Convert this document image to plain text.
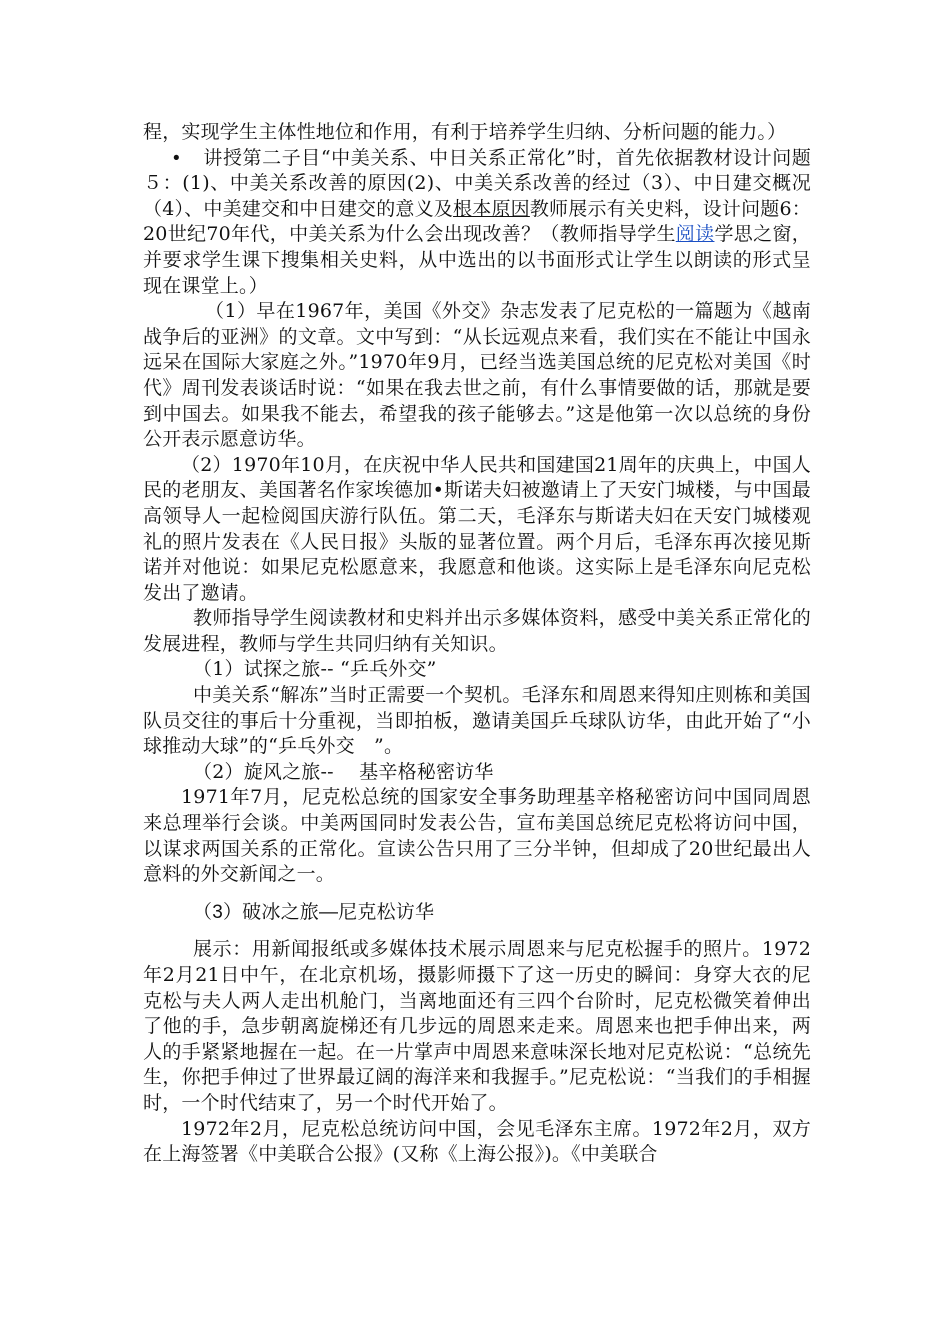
程，实现学生主体性地位和作用，有利于培养学生归纳、分析问题的能力。）

• 讲授第二子目“中美关系、中日关系正常化”时，首先依据教材设计问题５：(1)、中美关系改善的原因(2)、中美关系改善的经过（3）、中日建交概况（4）、中美建交和中日建交的意义及根本原因教师展示有关史料，设计问题6：20世纪70年代，中美关系为什么会出现改善？（教师指导学生阅读学思之窗，并要求学生课下搜集相关史料，从中选出的以书面形式让学生以朗读的形式呈现在课堂上。）

（1）早在1967年，美国《外交》杂志发表了尼克松的一篇题为《越南战争后的亚洲》的文章。文中写到：“从长远观点来看，我们实在不能让中国永远呆在国际大家庭之外。”1970年9月，已经当选美国总统的尼克松对美国《时代》周刊发表谈话时说：“如果在我去世之前，有什么事情要做的话，那就是要到中国去。如果我不能去，希望我的孩子能够去。”这是他第一次以总统的身份公开表示愿意访华。

（2）1970年10月，在庆祝中华人民共和国建国21周年的庆典上，中国人民的老朋友、美国著名作家埃德加•斯诺夫妇被邀请上了天安门城楼，与中国最高领导人一起检阅国庆游行队伍。第二天，毛泽东与斯诺夫妇在天安门城楼观礼的照片发表在《人民日报》头版的显著位置。两个月后，毛泽东再次接见斯诺并对他说：如果尼克松愿意来，我愿意和他谈。这实际上是毛泽东向尼克松发出了邀请。

教师指导学生阅读教材和史料并出示多媒体资料，感受中美关系正常化的发展进程，教师与学生共同归纳有关知识。

（1）试探之旅-- “乒乓外交”

中美关系“解冻”当时正需要一个契机。毛泽东和周恩来得知庄则栋和美国队员交往的事后十分重视，当即拍板，邀请美国乒乓球队访华，由此开始了“小球推动大球”的“乒乓外交　”。

（2）旋风之旅-- 　基辛格秘密访华

1971年7月，尼克松总统的国家安全事务助理基辛格秘密访问中国同周恩来总理举行会谈。中美两国同时发表公告，宣布美国总统尼克松将访问中国，以谋求两国关系的正常化。宣读公告只用了三分半钟，但却成了20世纪最出人意料的外交新闻之一。

（3）破冰之旅—尼克松访华

展示：用新闻报纸或多媒体技术展示周恩来与尼克松握手的照片。1972年2月21日中午，在北京机场，摄影师摄下了这一历史的瞬间：身穿大衣的尼克松与夫人两人走出机舱门，当离地面还有三四个台阶时，尼克松微笑着伸出了他的手，急步朝离旋梯还有几步远的周恩来走来。周恩来也把手伸出来，两人的手紧紧地握在一起。在一片掌声中周恩来意味深长地对尼克松说：“总统先生，你把手伸过了世界最辽阔的海洋来和我握手。”尼克松说：“当我们的手相握时，一个时代结束了，另一个时代开始了。

1972年2月，尼克松总统访问中国，会见毛泽东主席。1972年2月，双方在上海签署《中美联合公报》(又称《上海公报》)。《中美联合
